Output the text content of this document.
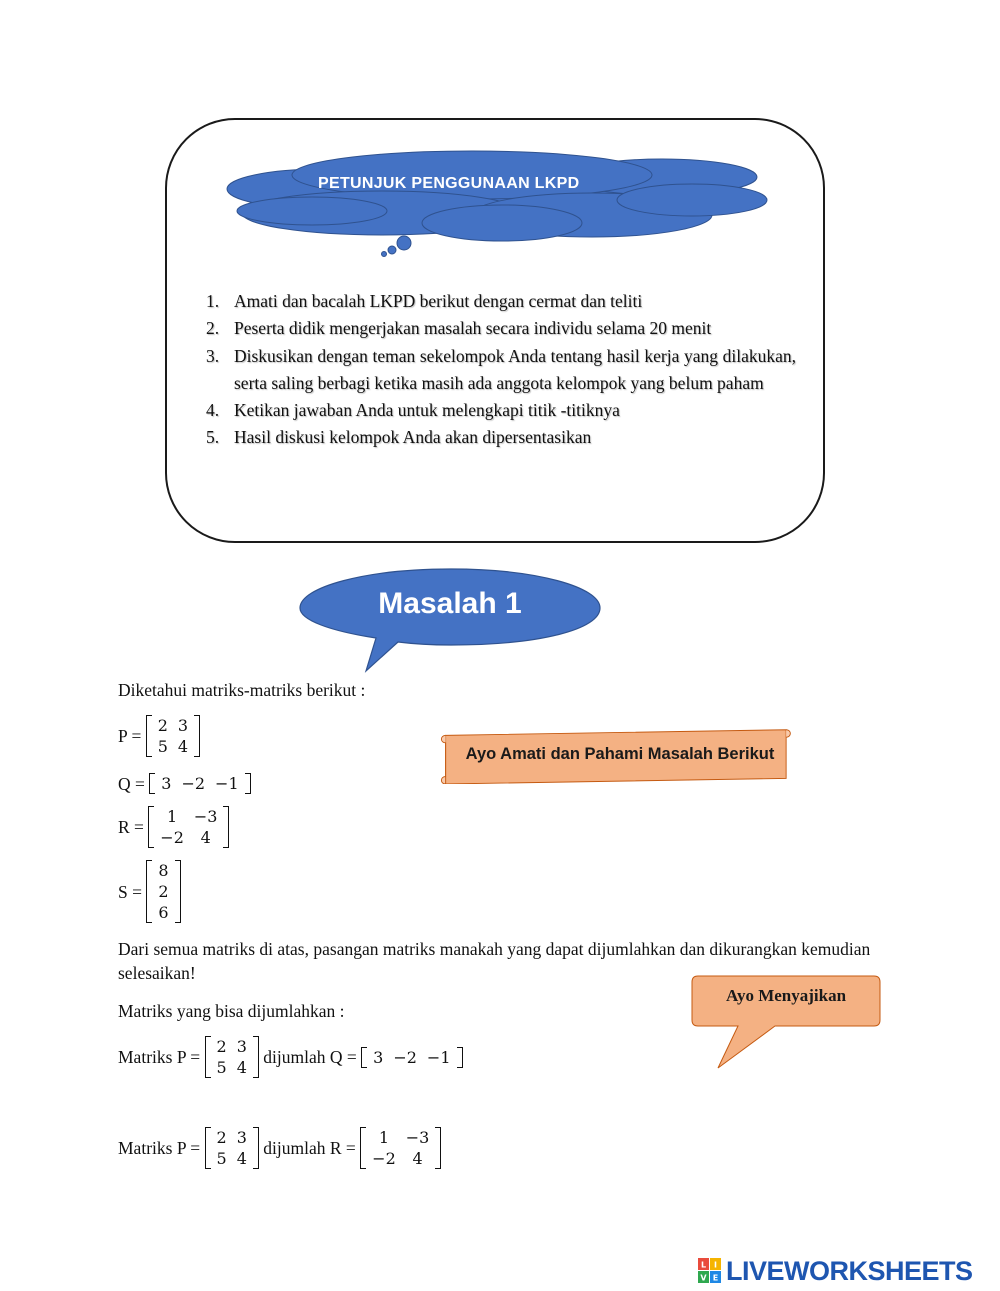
PETUNJUK PENGGUNAAN LKPD
1. Amati dan bacalah LKPD berikut dengan cermat dan teliti
2. Peserta didik mengerjakan masalah secara individu selama 20 menit
3. Diskusikan dengan teman sekelompok Anda tentang hasil kerja yang dilakukan, serta saling berbagi ketika masih ada anggota kelompok yang belum paham
4. Ketikan jawaban Anda untuk melengkapi titik -titiknya
5. Hasil diskusi kelompok Anda akan dipersentasikan
Masalah 1
Diketahui matriks-matriks berikut :
P =
2	3
5	4
Q = 3	−2	−1
R =
1	−3
−2	4
S =
8
2
6
Dari semua matriks di atas, pasangan matriks manakah yang dapat dijumlahkan dan dikurangkan kemudian selesaikan!
Matriks yang bisa dijumlahkan :
Matriks P =
2	3
5	4
dijumlah Q = 3	−2	−1
Matriks P =
2	3
5	4
dijumlah R =
1	−3
−2	4
Ayo Amati dan Pahami Masalah Berikut
Ayo Menyajikan
L I
V E LIVEWORKSHEETS
